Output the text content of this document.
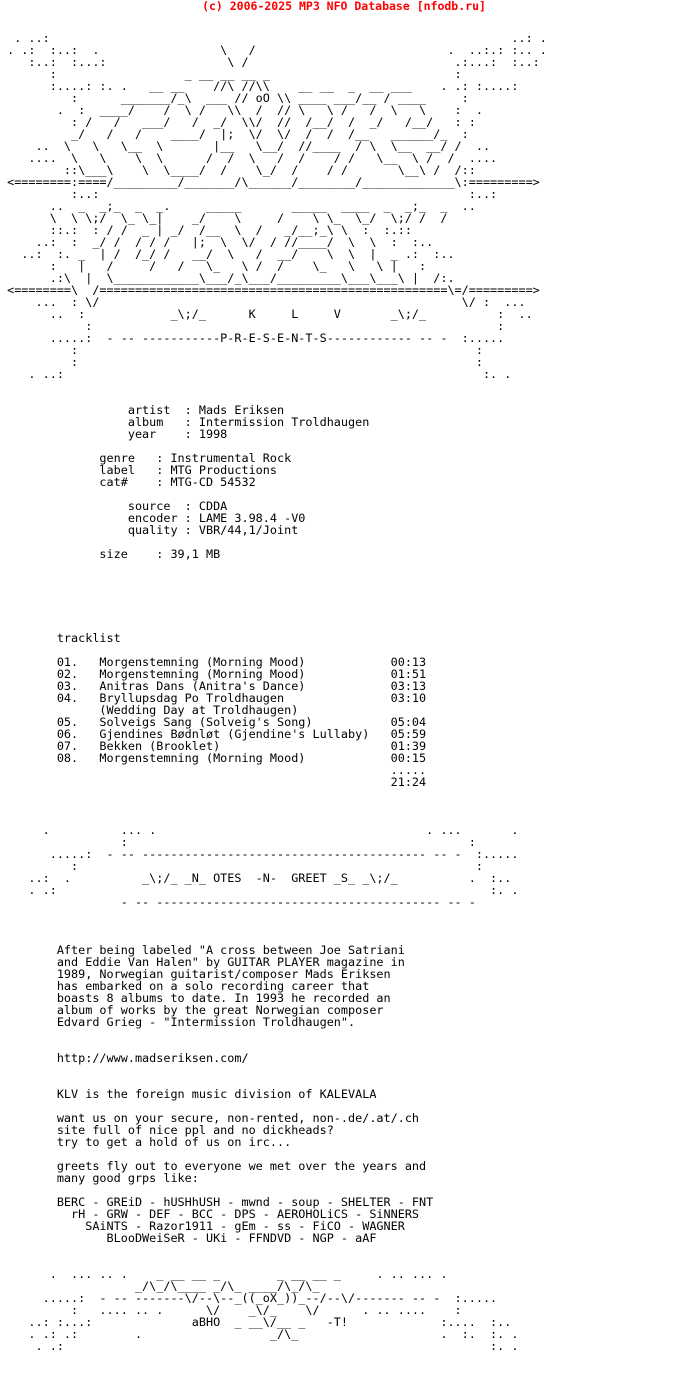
(c) 2006-2025 MP3 NFO Database [nfodb.ru]

. ..:                                                                 ..: .
. .:  :..:  .                 \   /                           .  ..:.: :.. .
:..:  :...:                 \ /                             .:...:  :..:
:                  _ __ __ __ _                          :
:....: :. .   __ __    //\ //\\    __ __  _  __ ___    . .: :....:
:      _______/_\  ___ // oO \\ ____ ___/__ / ____     :
.  :  ____/    /  \ /   \\  /  // \   \ /   /  \   \    :  .
: /   /   ___/   /  _/  \\/  //  /__/  /  _/   /__/   : :
_/   /   /    ____/  |;  \/  \/  /  /  /__   ______/_  :
..  \   \   \__  \       |__   \__/  //____  / \  \__  __/ /  ..
....  \   \    \  \      /  /  \   /  /    / /   \__  \ /  /  ....
::\___\    \  \____/  /    \_/  /    / /       \__\ /  /::
<========:====/_________/_______/\______/________/_____________\:=========>
:..:                                                    :..:
..  _  _;_  _  _.     _____       _____  ____  _  _;_  _  ..
\  \ \;/  \_ \_|    _/    \     /    \ \_  \_/  \;/ /  /
::.:  : / /  _ | _/  /__  \  /   _/__;_\ \  :  :.::
..:  :  _/ /  / / /   |;  \  \/  / //____/  \  \  :  :..
..:  :. _  | /  /_/ /   __/  \   /  __/    \  \  |  _ .:  :..
:   |   /     /   /   \_   \ /  /    \_   \   \ |   :
.:\  |  \____________\___/_\___/_________\___\___\ |  /:.
<========\  /=================================================\=/=========>
...  : \/                                                   \/ :  ...
..  :            _\;/_      K     L     V       _\;/_          :  ..
:                                                         :
.....:  - -- -----------P-R-E-S-E-N-T-S------------ -- -  :.....
:                                                        :
:                                                        :
. ..:                                                           :. .

artist  : Mads Eriksen
album   : Intermission Troldhaugen
year    : 1998

genre   : Instrumental Rock
label   : MTG Productions
cat#    : MTG-CD 54532

source  : CDDA
encoder : LAME 3.98.4 -V0
quality : VBR/44,1/Joint

size    : 39,1 MB

tracklist

01.   Morgenstemning (Morning Mood)            00:13
02.   Morgenstemning (Morning Mood)            01:51
03.   Anitras Dans (Anitra's Dance)            03:13
04.   Bryllupsdag Po Troldhaugen               03:10
(Wedding Day at Troldhaugen)
05.   Solveigs Sang (Solveig's Song)           05:04
06.   Gjendines Bødnløt (Gjendine's Lullaby)   05:59
07.   Bekken (Brooklet)                        01:39
08.   Morgenstemning (Morning Mood)            00:15
.....
21:24

.          ... .                                      . ...       .
:                                                :
.....:  - -- ---------------------------------------- -- -  :.....
:                                                        :
..:  .          _\;/_ _N_ OTES  -N-  GREET _S_ _\;/_          .  :..
. .:                                                             :. .
- -- ---------------------------------------- -- -

After being labeled "A cross between Joe Satriani
and Eddie Van Halen" by GUITAR PLAYER magazine in
1989, Norwegian guitarist/composer Mads Eriksen
has embarked on a solo recording career that
boasts 8 albums to date. In 1993 he recorded an
album of works by the great Norwegian composer
Edvard Grieg - "Intermission Troldhaugen".

http://www.madseriksen.com/

KLV is the foreign music division of KALEVALA

want us on your secure, non-rented, non-.de/.at/.ch
site full of nice ppl and no dickheads?
try to get a hold of us on irc...

greets fly out to everyone we met over the years and
many good grps like:

BERC - GREiD - hUSHhUSH - mwnd - soup - SHELTER - FNT
rH - GRW - DEF - BCC - DPS - AEROHOLiCS - SiNNERS
SAiNTS - Razor1911 - gEm - ss - FiCO - WAGNER
BLooDWeiSeR - UKi - FFNDVD - NGP - aAF

.  ... .. .    _ __ __ _        _ __ __ _     . .. ... .
_/\_/\____ _/\_ ____/\_/\_
.....:  - -- -------\/--\--_((_oX_))_--/--\/------- -- -  :.....
:   .... .. .      \/    _\/_    \/      . .. ....    :
..: :...:              aBHO  _ __\/__ _   -T!             :....  :..
. .: .:        .                  _/\_                    .  :.  :. .
. .:                                                            :. .
